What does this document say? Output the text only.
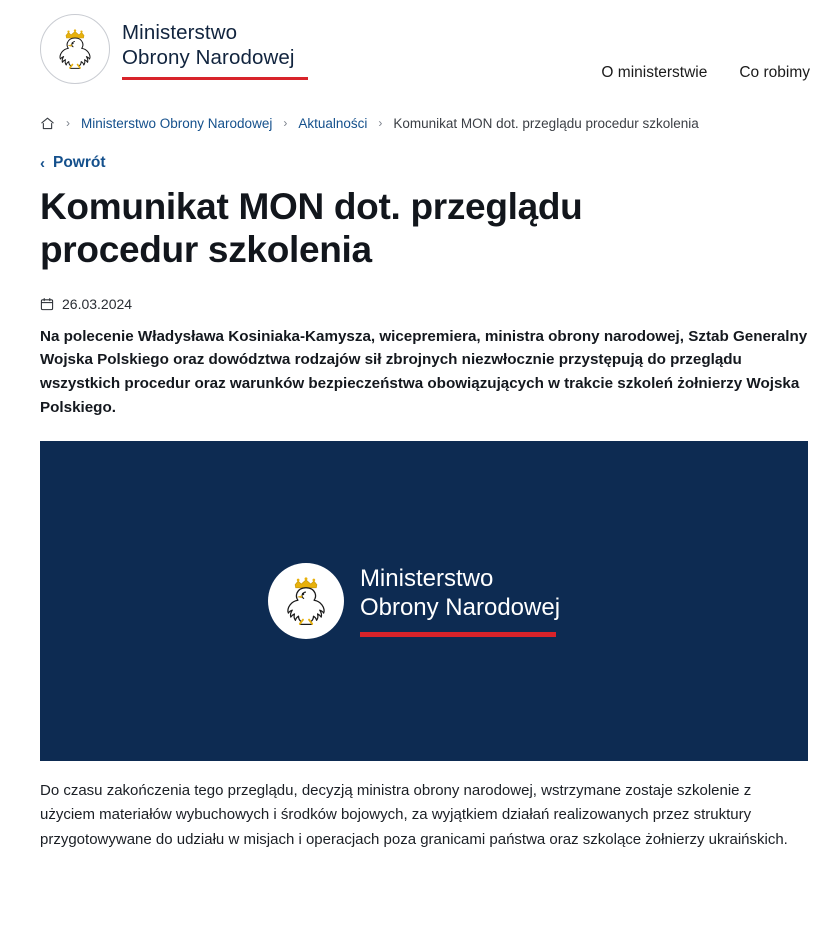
Ministerstwo
Obrony Narodowej
O ministerstwie Co robimy
› Ministerstwo Obrony Narodowej › Aktualności › Komunikat MON dot. przeglądu procedur szkolenia
‹ Powrót
Komunikat MON dot. przeglądu procedur szkolenia
26.03.2024

Na polecenie Władysława Kosiniaka-Kamysza, wicepremiera, ministra obrony narodowej, Sztab Generalny Wojska Polskiego oraz dowództwa rodzajów sił zbrojnych niezwłocznie przystępują do przeglądu wszystkich procedur oraz warunków bezpieczeństwa obowiązujących w trakcie szkoleń żołnierzy Wojska Polskiego.

Ministerstwo
Obrony Narodowej

Do czasu zakończenia tego przeglądu, decyzją ministra obrony narodowej, wstrzymane zostaje szkolenie z użyciem materiałów wybuchowych i środków bojowych, za wyjątkiem działań realizowanych przez struktury przygotowywane do udziału w misjach i operacjach poza granicami państwa oraz szkolące żołnierzy ukraińskich.
